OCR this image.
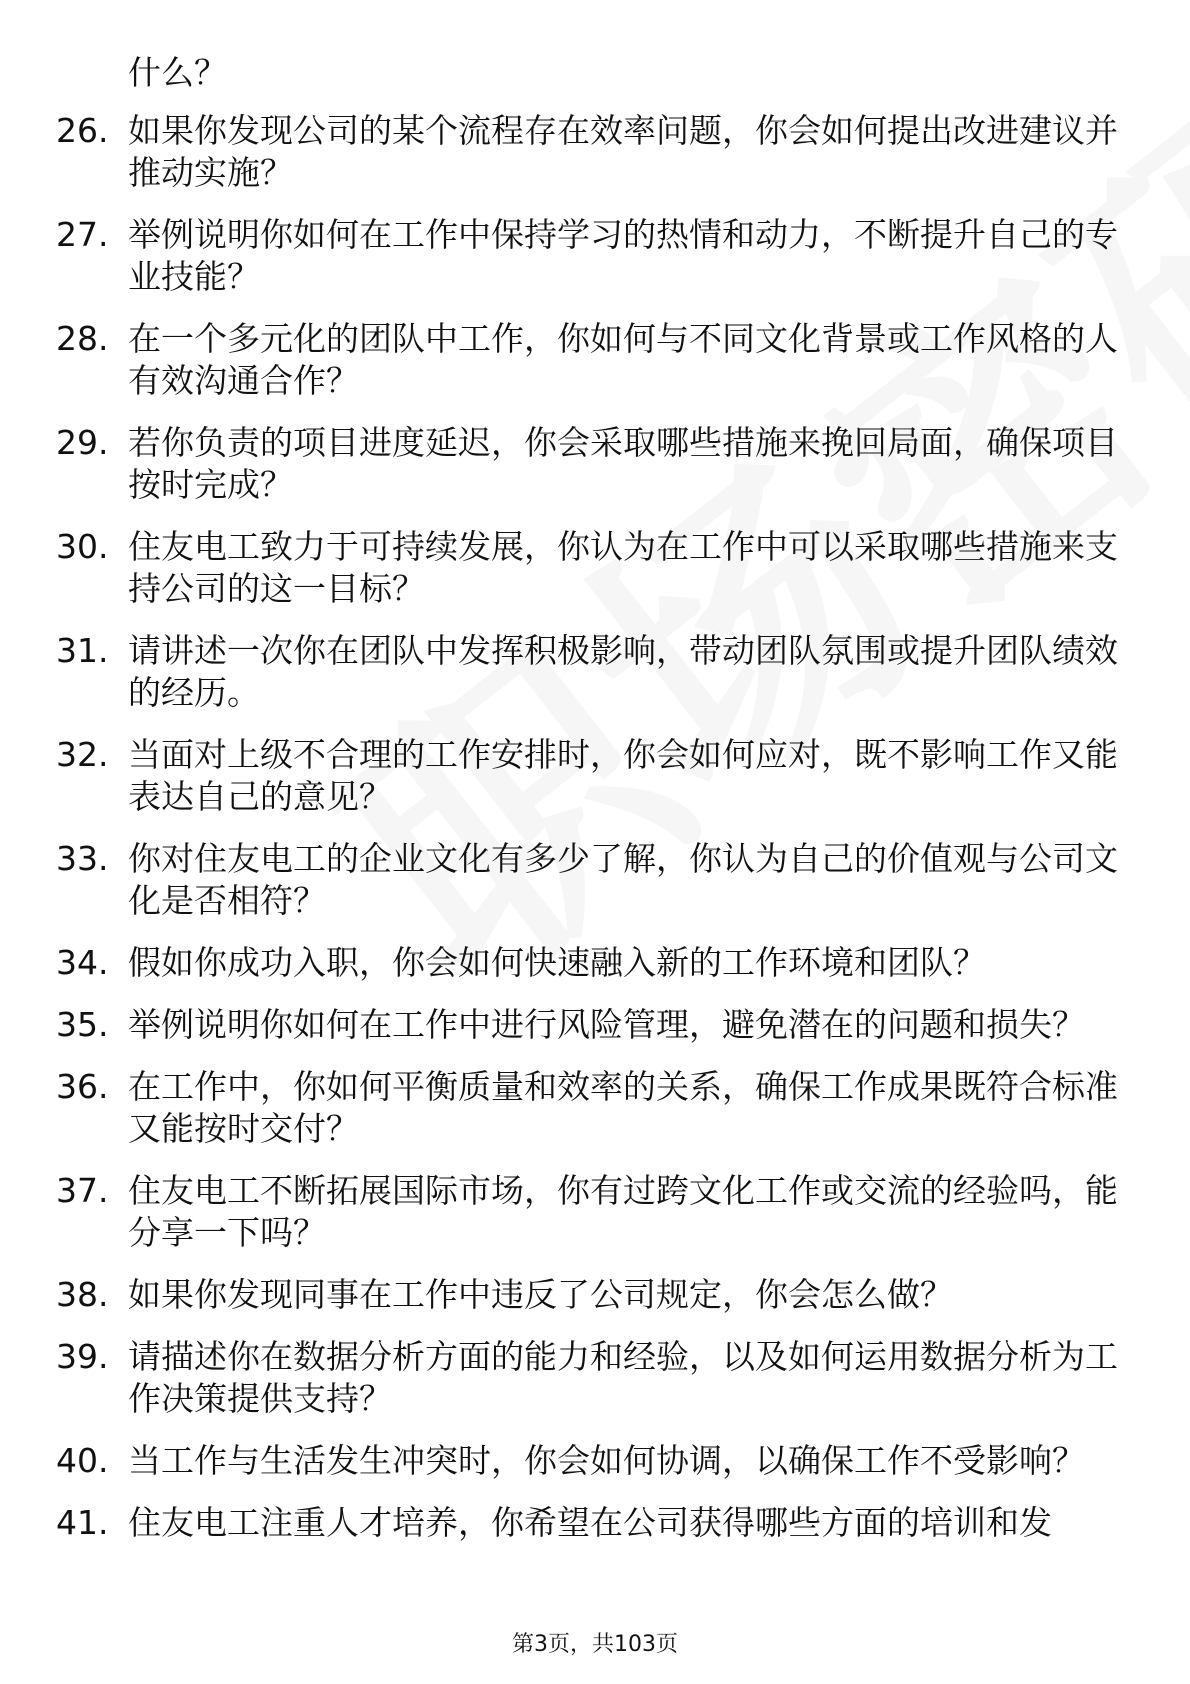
什么？

26. 如果你发现公司的某个流程存在效率问题，你会如何提出改进建议并推动实施？
27. 举例说明你如何在工作中保持学习的热情和动力，不断提升自己的专业技能？
28. 在一个多元化的团队中工作，你如何与不同文化背景或工作风格的人有效沟通合作？
29. 若你负责的项目进度延迟，你会采取哪些措施来挽回局面，确保项目按时完成？
30. 住友电工致力于可持续发展，你认为在工作中可以采取哪些措施来支持公司的这一目标？
31. 请讲述一次你在团队中发挥积极影响，带动团队氛围或提升团队绩效的经历。
32. 当面对上级不合理的工作安排时，你会如何应对，既不影响工作又能表达自己的意见？
33. 你对住友电工的企业文化有多少了解，你认为自己的价值观与公司文化是否相符？
34. 假如你成功入职，你会如何快速融入新的工作环境和团队？
35. 举例说明你如何在工作中进行风险管理，避免潜在的问题和损失？
36. 在工作中，你如何平衡质量和效率的关系，确保工作成果既符合标准又能按时交付？
37. 住友电工不断拓展国际市场，你有过跨文化工作或交流的经验吗，能分享一下吗？
38. 如果你发现同事在工作中违反了公司规定，你会怎么做？
39. 请描述你在数据分析方面的能力和经验，以及如何运用数据分析为工作决策提供支持？
40. 当工作与生活发生冲突时，你会如何协调，以确保工作不受影响？
41. 住友电工注重人才培养，你希望在公司获得哪些方面的培训和发
第3页，共103页
